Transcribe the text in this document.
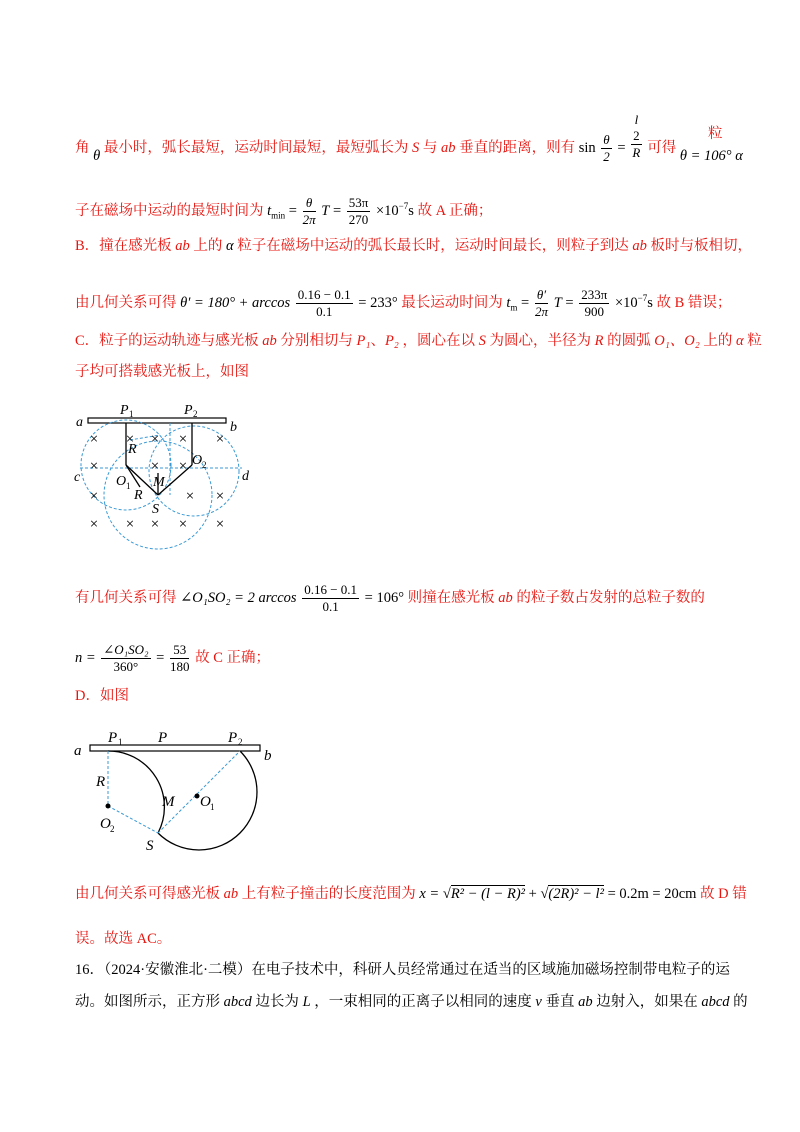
角 θ 最小时，弧长最短，运动时间最短，最短弧长为 S 与 ab 垂直的距离，则有 $\sin \frac{\theta}{2}$ =
l
2
R 可得 θ = 106° α
粒
子在磁场中运动的最短时间为 $t_{min} = \frac{\theta}{2\pi}$ $T = \frac{53\pi}{270} \times 10^{-7}s$ 故 A 正确；
B．撞在感光板 ab 上的 α 粒子在磁场中运动的弧长最长时，运动时间最长，则粒子到达 ab 板时与板相切，
由几何关系可得 $\theta' = 180^\circ + \arccos \frac{0.16 - 0.1}{0.1} = 233^\circ$ 最长运动时间为 $t_m = \frac{\theta'}{2\pi}$ $T = \frac{233\pi}{900} \times 10^{-7}s$ 故 B 错误；
C．粒子的运动轨迹与感光板 ab 分别相切与 P₁、P₂ ，圆心在以 S 为圆心，半径为 R 的圆弧 O₁、O₂ 上的 α 粒
子均可搭载感光板上，如图
× × × × ×
×	× ×
×	× ×
× × × × ×
a	b
c	d
P 1	P 2
R
R
O 1
O 2
M
S
有几何关系可得 ∠O₁SO₂ = 2 $\arccos \frac{0.16 - 0.1}{0.1} = 106^\circ$ 则撞在感光板 ab 的粒子数占发射的总粒子数的
$n = \frac{\text{∠O₁SO₂}}{360^\circ} = \frac{53}{180}$ 故 C 正确；
D．如图
a	b
P 1 P	P 2
R
M O 1
O 2
S
由几何关系可得感光板 ab 上有粒子撞击的长度范围为 x = √R² − (l − R)² + √(2R)² − l² = 0.2m = 20cm 故 D 错
误。故选 AC。
16．（2024·安徽淮北·二模）在电子技术中，科研人员经常通过在适当的区域施加磁场控制带电粒子的运
动。如图所示，正方形 abcd 边长为 L ，一束相同的正离子以相同的速度 v 垂直 ab 边射入，如果在 abcd 的
